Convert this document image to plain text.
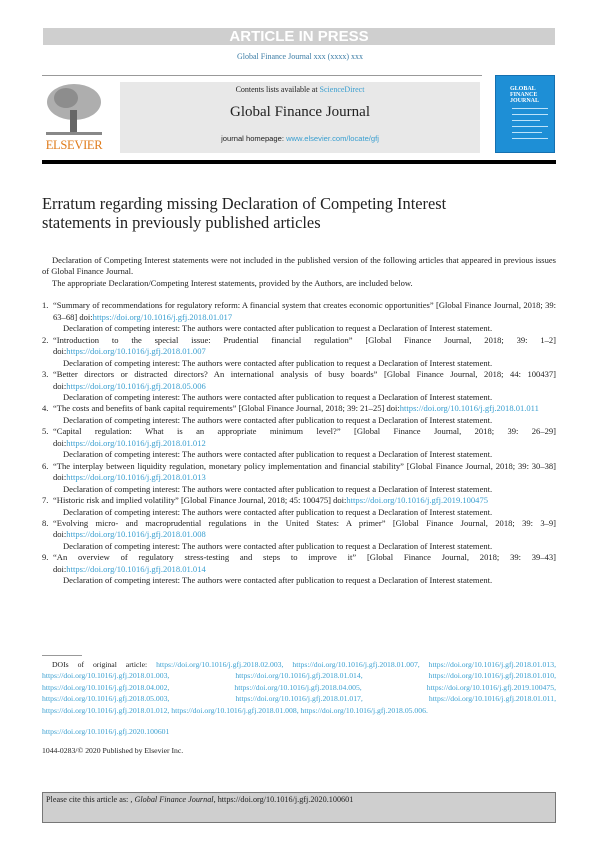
ARTICLE IN PRESS
Global Finance Journal xxx (xxxx) xxx
ELSEVIER
Contents lists available at ScienceDirect
Global Finance Journal
journal homepage: www.elsevier.com/locate/gfj
GLOBAL
FINANCE
JOURNAL
Erratum regarding missing Declaration of Competing Interest statements in previously published articles

Declaration of Competing Interest statements were not included in the published version of the following articles that appeared in previous issues of Global Finance Journal.

The appropriate Declaration/Competing Interest statements, provided by the Authors, are included below.

1. “Summary of recommendations for regulatory reform: A financial system that creates economic opportunities” [Global Finance Journal, 2018; 39: 63–68] doi:https://doi.org/10.1016/j.gfj.2018.01.017
Declaration of competing interest: The authors were contacted after publication to request a Declaration of Interest statement.
2. “Introduction to the special issue: Prudential financial regulation” [Global Finance Journal, 2018; 39: 1–2] doi:https://doi.org/10.1016/j.gfj.2018.01.007
Declaration of competing interest: The authors were contacted after publication to request a Declaration of Interest statement.
3. “Better directors or distracted directors? An international analysis of busy boards” [Global Finance Journal, 2018; 44: 100437] doi:https://doi.org/10.1016/j.gfj.2018.05.006
Declaration of competing interest: The authors were contacted after publication to request a Declaration of Interest statement.
4. “The costs and benefits of bank capital requirements” [Global Finance Journal, 2018; 39: 21–25] doi:https://doi.org/10.1016/j.gfj.2018.01.011
Declaration of competing interest: The authors were contacted after publication to request a Declaration of Interest statement.
5. “Capital regulation: What is an appropriate minimum level?” [Global Finance Journal, 2018; 39: 26–29] doi:https://doi.org/10.1016/j.gfj.2018.01.012
Declaration of competing interest: The authors were contacted after publication to request a Declaration of Interest statement.
6. “The interplay between liquidity regulation, monetary policy implementation and financial stability” [Global Finance Journal, 2018; 39: 30–38] doi:https://doi.org/10.1016/j.gfj.2018.01.013
Declaration of competing interest: The authors were contacted after publication to request a Declaration of Interest statement.
7. “Historic risk and implied volatility” [Global Finance Journal, 2018; 45: 100475] doi:https://doi.org/10.1016/j.gfj.2019.100475
Declaration of competing interest: The authors were contacted after publication to request a Declaration of Interest statement.
8. “Evolving micro- and macroprudential regulations in the United States: A primer” [Global Finance Journal, 2018; 39: 3–9] doi:https://doi.org/10.1016/j.gfj.2018.01.008
Declaration of competing interest: The authors were contacted after publication to request a Declaration of Interest statement.
9. “An overview of regulatory stress-testing and steps to improve it” [Global Finance Journal, 2018; 39: 39–43] doi:https://doi.org/10.1016/j.gfj.2018.01.014
Declaration of competing interest: The authors were contacted after publication to request a Declaration of Interest statement.
DOIs of original article: https://doi.org/10.1016/j.gfj.2018.02.003, https://doi.org/10.1016/j.gfj.2018.01.007, https://doi.org/10.1016/j.gfj.2018.01.013, https://doi.org/10.1016/j.gfj.2018.01.003, https://doi.org/10.1016/j.gfj.2018.01.014, https://doi.org/10.1016/j.gfj.2018.01.010, https://doi.org/10.1016/j.gfj.2018.04.002, https://doi.org/10.1016/j.gfj.2018.04.005, https://doi.org/10.1016/j.gfj.2019.100475, https://doi.org/10.1016/j.gfj.2018.05.003, https://doi.org/10.1016/j.gfj.2018.01.017, https://doi.org/10.1016/j.gfj.2018.01.011, https://doi.org/10.1016/j.gfj.2018.01.012, https://doi.org/10.1016/j.gfj.2018.01.008, https://doi.org/10.1016/j.gfj.2018.05.006.
https://doi.org/10.1016/j.gfj.2020.100601
1044-0283/© 2020 Published by Elsevier Inc.
Please cite this article as: , Global Finance Journal, https://doi.org/10.1016/j.gfj.2020.100601
